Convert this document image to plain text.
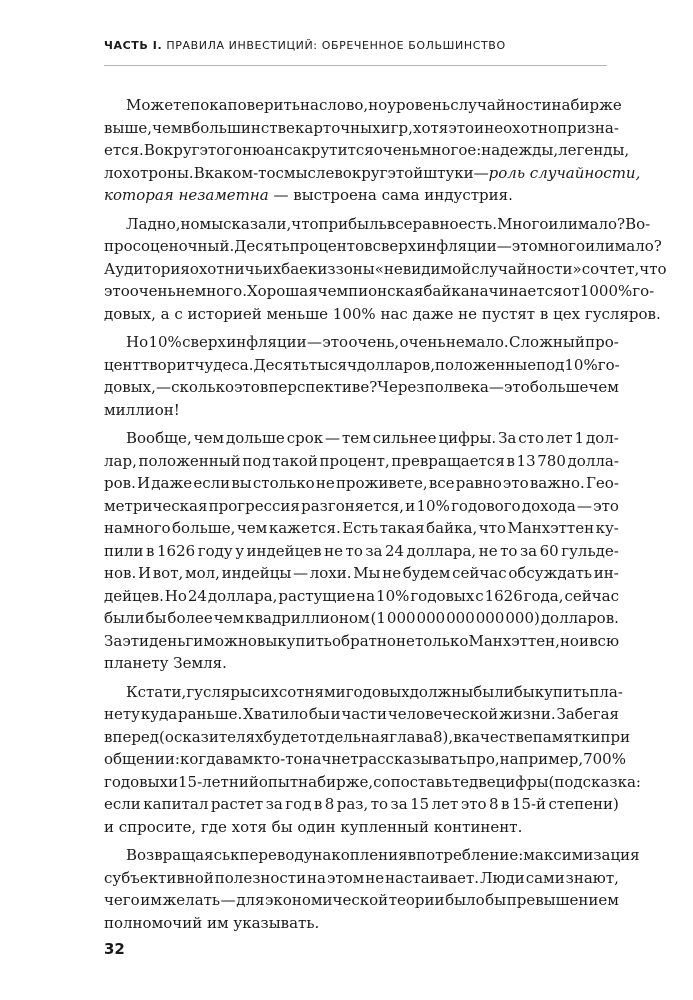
ЧАСТЬ I. ПРАВИЛА ИНВЕСТИЦИЙ: ОБРЕЧЕННОЕ БОЛЬШИНСТВО
Можете пока поверить на слово, но уровень случайности на бирже
выше, чем в большинстве карточных игр, хотя это и неохотно призна-
ется. Вокруг этого нюанса крутится очень многое: надежды, легенды,
лохотроны. В каком-то смысле вокруг этой штуки — роль случайности,
которая незаметна — выстроена сама индустрия.
Ладно, но мы сказали, что прибыль все равно есть. Много или мало? Во-
прос оценочный. Десять процентов сверх инфляции — это много или мало?
Аудитория охотничьих баек из зоны «невидимой случайности» сочтет, что
это очень немного. Хорошая чемпионская байка начинается от 1000% го-
довых, а с историей меньше 100% нас даже не пустят в цех гусляров.
Но 10% сверх инфляции — это очень, очень немало. Сложный про-
цент творит чудеса. Десять тысяч долларов, положенные под 10% го-
довых, — сколько это в перспективе? Через полвека — это больше чем
миллион!
Вообще, чем дольше срок — тем сильнее цифры. За сто лет 1 дол-
лар, положенный под такой процент, превращается в 13 780 долла-
ров. И даже если вы столько не проживете, все равно это важно. Гео-
метрическая прогрессия разгоняется, и 10% годового дохода — это
намного больше, чем кажется. Есть такая байка, что Манхэттен ку-
пили в 1626 году у индейцев не то за 24 доллара, не то за 60 гульде-
нов. И вот, мол, индейцы — лохи. Мы не будем сейчас обсуждать ин-
дейцев. Но 24 доллара, растущие на 10% годовых с 1626 года, сейчас
были бы более чем квадриллионом (1 000 000 000 000 000) долларов.
За эти деньги можно выкупить обратно не только Манхэттен, но и всю
планету Земля.
Кстати, гусляры с их сотнями годовых должны были бы купить пла-
нету куда раньше. Хватило бы и части человеческой жизни. Забегая
вперед (о сказителях будет отдельная глава 8), в качестве памятки при
общении: когда вам кто-то начнет рассказывать про, например, 700%
годовых и 15-летний опыт на бирже, сопоставьте две цифры (подсказка:
если капитал растет за год в 8 раз, то за 15 лет это 8 в 15-й степени)
и спросите, где хотя бы один купленный континент.
Возвращаясь к переводу накопления в потребление: максимизация
субъективной полезности на этом не настаивает. Люди сами знают,
чего им желать — для экономической теории было бы превышением
полномочий им указывать.
32
